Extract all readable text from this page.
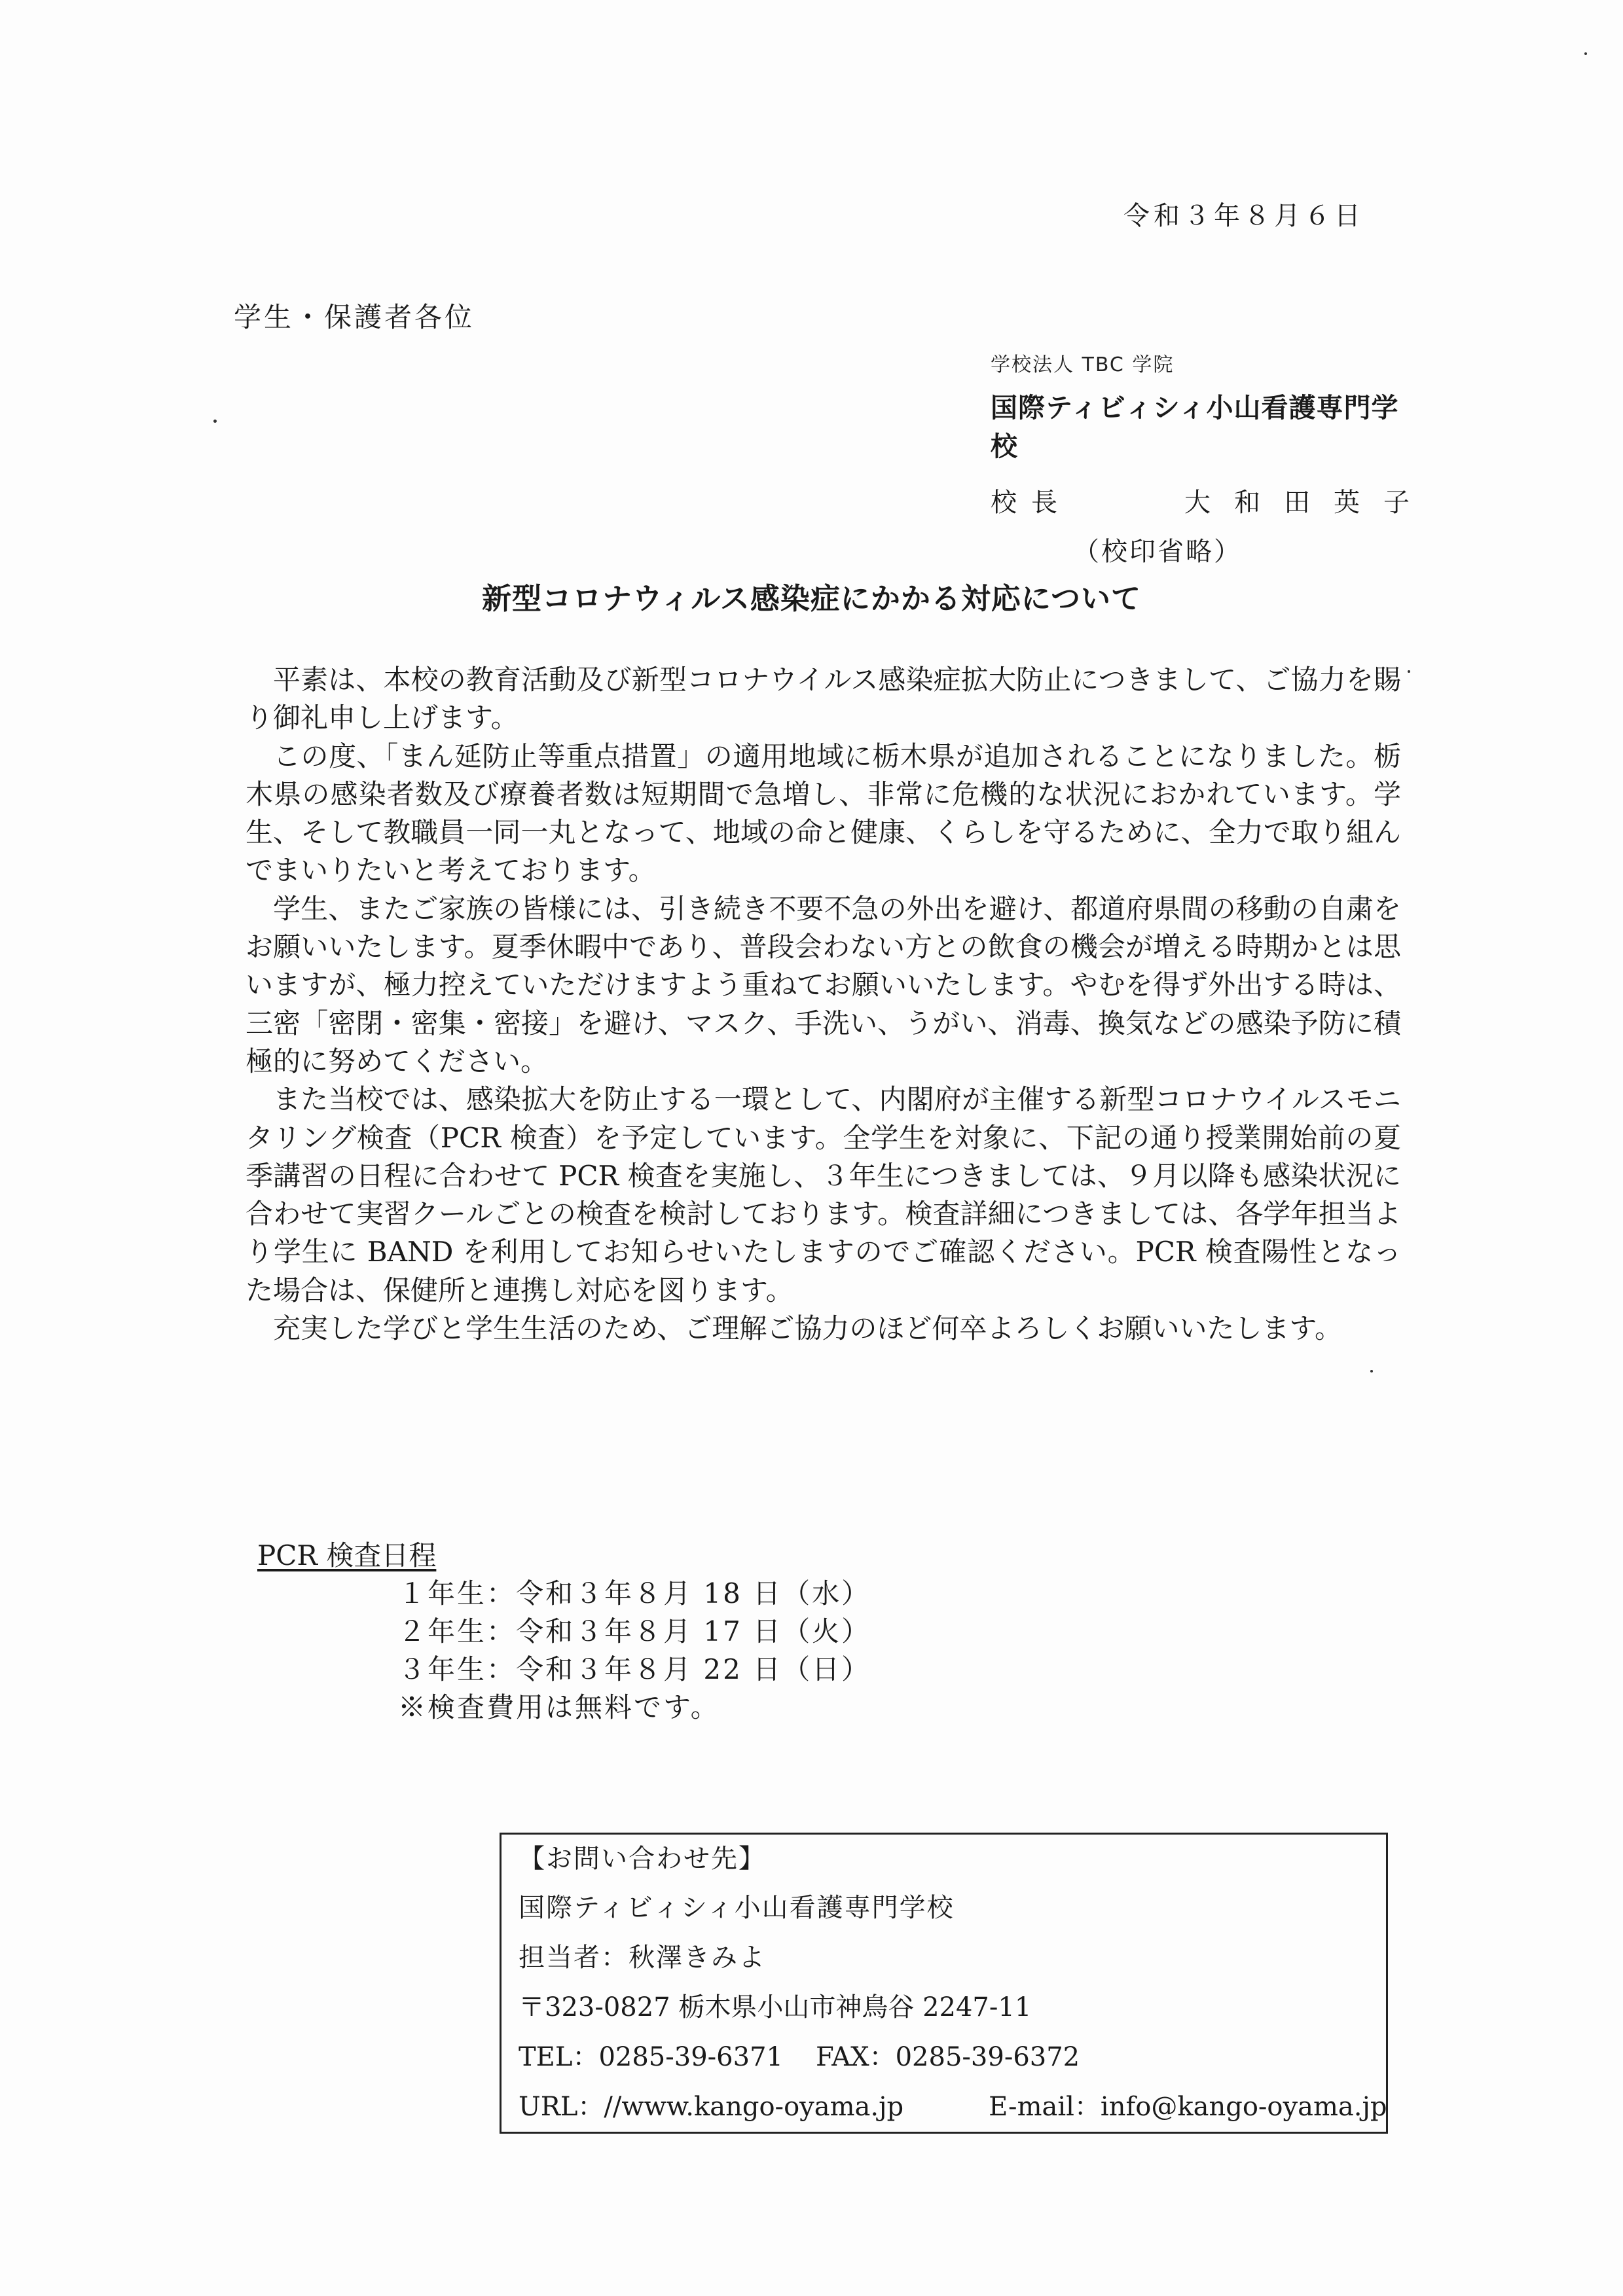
令和３年８月６日
学生・保護者各位
学校法人 TBC 学院
国際ティビィシィ小山看護専門学校
校長	大和田英子
（校印省略）
新型コロナウィルス感染症にかかる対応について

平素は、本校の教育活動及び新型コロナウイルス感染症拡大防止につきまして、ご協力を賜り御礼申し上げます。

この度、「まん延防止等重点措置」の適用地域に栃木県が追加されることになりました。栃木県の感染者数及び療養者数は短期間で急増し、非常に危機的な状況におかれています。学生、そして教職員一同一丸となって、地域の命と健康、くらしを守るために、全力で取り組んでまいりたいと考えております。

学生、またご家族の皆様には、引き続き不要不急の外出を避け、都道府県間の移動の自粛をお願いいたします。夏季休暇中であり、普段会わない方との飲食の機会が増える時期かとは思いますが、極力控えていただけますよう重ねてお願いいたします。やむを得ず外出する時は、三密「密閉・密集・密接」を避け、マスク、手洗い、うがい、消毒、換気などの感染予防に積極的に努めてください。

また当校では、感染拡大を防止する一環として、内閣府が主催する新型コロナウイルスモニタリング検査（PCR 検査）を予定しています。全学生を対象に、下記の通り授業開始前の夏季講習の日程に合わせて PCR 検査を実施し、３年生につきましては、９月以降も感染状況に合わせて実習クールごとの検査を検討しております。検査詳細につきましては、各学年担当より学生に BAND を利用してお知らせいたしますのでご確認ください。PCR 検査陽性となった場合は、保健所と連携し対応を図ります。

充実した学びと学生生活のため、ご理解ご協力のほど何卒よろしくお願いいたします。

PCR 検査日程
１年生：令和３年８月 18 日（水）
２年生：令和３年８月 17 日（火）
３年生：令和３年８月 22 日（日）
※検査費用は無料です。
【お問い合わせ先】
国際ティビィシィ小山看護専門学校
担当者：秋澤きみよ
〒323-0827 栃木県小山市神鳥谷 2247-11
TEL：0285-39-6371 FAX：0285-39-6372
URL：//www.kango-oyama.jp	E-mail：info@kango-oyama.jp
